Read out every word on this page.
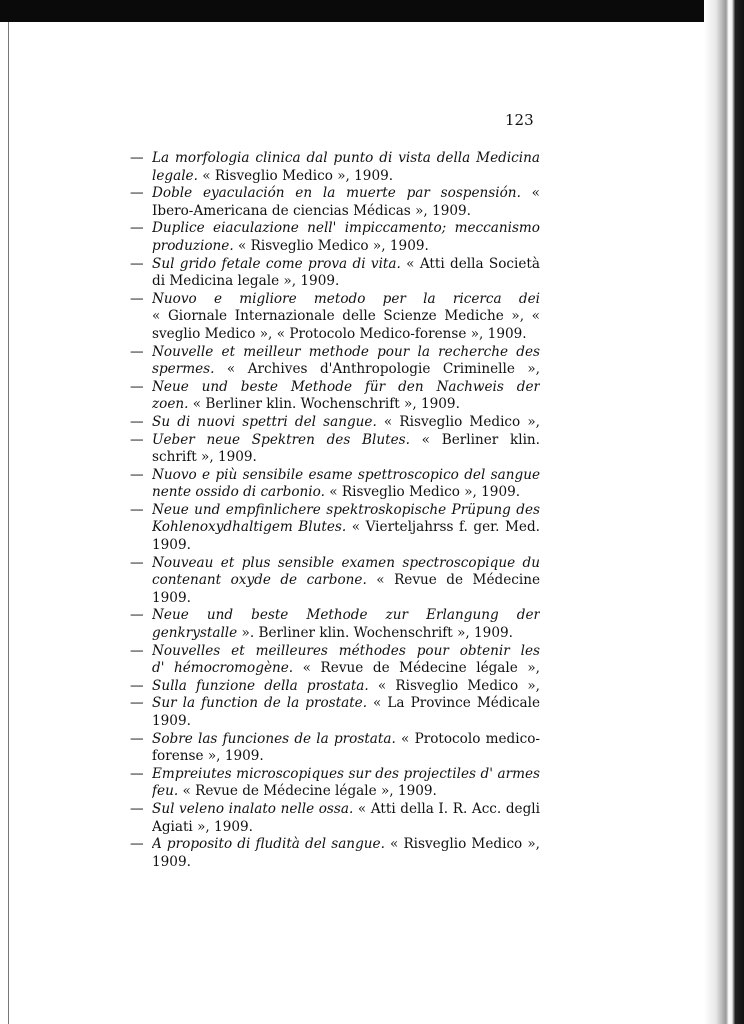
123
— La morfologia clinica dal punto di vista della Medicina
legale. « Risveglio Medico », 1909.
— Doble eyaculación en la muerte par sospensión. «
Ibero-Americana de ciencias Médicas », 1909.
— Duplice eiaculazione nell' impiccamento; meccanismo
produzione. « Risveglio Medico », 1909.
— Sul grido fetale come prova di vita. « Atti della Società
di Medicina legale », 1909.
— Nuovo e migliore metodo per la ricerca dei
« Giornale Internazionale delle Scienze Mediche », «
sveglio Medico », « Protocolo Medico-forense », 1909.
— Nouvelle et meilleur methode pour la recherche des
spermes. « Archives d'Anthropologie Criminelle »,
— Neue und beste Methode für den Nachweis der
zoen. « Berliner klin. Wochenschrift », 1909.
— Su di nuovi spettri del sangue. « Risveglio Medico »,
— Ueber neue Spektren des Blutes. « Berliner klin.
schrift », 1909.
— Nuovo e più sensibile esame spettroscopico del sangue
nente ossido di carbonio. « Risveglio Medico », 1909.
— Neue und empfinlichere spektroskopische Prüpung des
Kohlenoxydhaltigem Blutes. « Vierteljahrss f. ger. Med.
1909.
— Nouveau et plus sensible examen spectroscopique du
contenant oxyde de carbone. « Revue de Médecine
1909.
— Neue und beste Methode zur Erlangung der
genkrystalle ». Berliner klin. Wochenschrift », 1909.
— Nouvelles et meilleures méthodes pour obtenir les
d' hémocromogène. « Revue de Médecine légale »,
— Sulla funzione della prostata. « Risveglio Medico »,
— Sur la function de la prostate. « La Province Médicale
1909.
— Sobre las funciones de la prostata. « Protocolo medico-
forense », 1909.
— Empreiutes microscopiques sur des projectiles d' armes
feu. « Revue de Médecine légale », 1909.
— Sul veleno inalato nelle ossa. « Atti della I. R. Acc. degli
Agiati », 1909.
— A proposito di fludità del sangue. « Risveglio Medico »,
1909.
